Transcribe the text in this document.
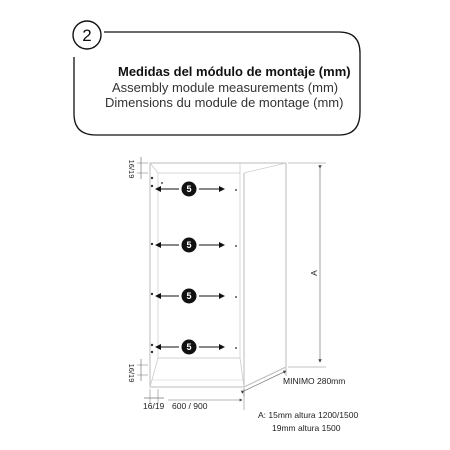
2
Medidas del módulo de montaje (mm)
Assembly module measurements (mm)
Dimensions du module de montage (mm)
5
5
5
5
A
MINIMO 280mm
16/19
16/19
16/19 600 / 900
A: 15mm altura 1200/1500
19mm altura 1500
